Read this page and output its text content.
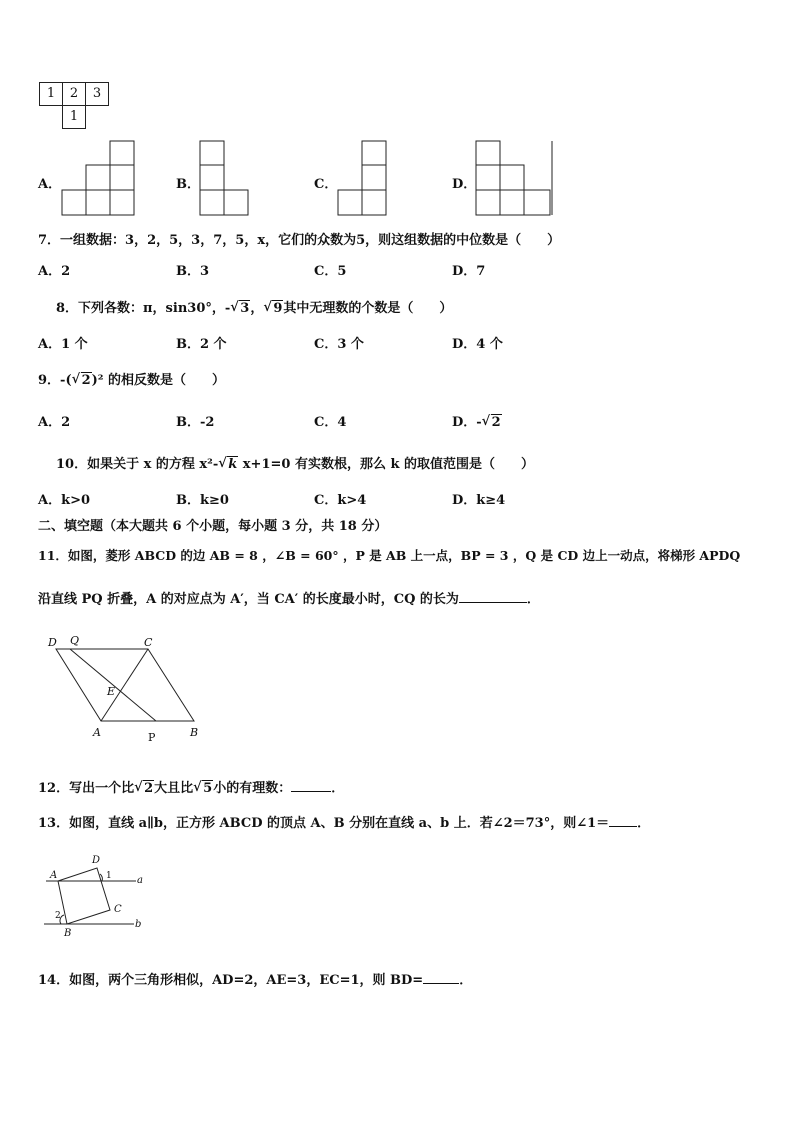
1	2	3
1
A．	B．	C．	D．
7．一组数据：3，2，5，3，7，5，x，它们的众数为5，则这组数据的中位数是（　　）
A．2	B．3	C．5	D．7
8．下列各数：π，sin30°，- √ 3， √ 9其中无理数的个数是（　　）
A．1 个	B．2 个	C．3 个	D．4 个
9．-( √ 2)² 的相反数是（　　）
A．2	B．-2	C．4	D．- √ 2
10．如果关于 x 的方程 x²- √ k x+1=0 有实数根，那么 k 的取值范围是（　　）
A．k>0	B．k≥0	C．k>4	D．k≥4
二、填空题（本大题共 6 个小题，每小题 3 分，共 18 分）
11．如图，菱形 ABCD 的边 AB = 8 ，∠B = 60° ，P 是 AB 上一点，BP = 3 ，Q 是 CD 边上一动点，将梯形 APDQ
沿直线 PQ 折叠，A 的对应点为 A′，当 CA′ 的长度最小时，CQ 的长为	．
D Q	C
E
A	B
P
12．写出一个比 √ 2大且比 √ 5小的有理数：	．
13．如图，直线 a∥b，正方形 ABCD 的顶点 A、B 分别在直线 a、b 上．若∠2＝73°，则∠1＝ ．
A
D
C
B
a
b
1
2
14．如图，两个三角形相似，AD=2，AE=3，EC=1，则 BD=	．
